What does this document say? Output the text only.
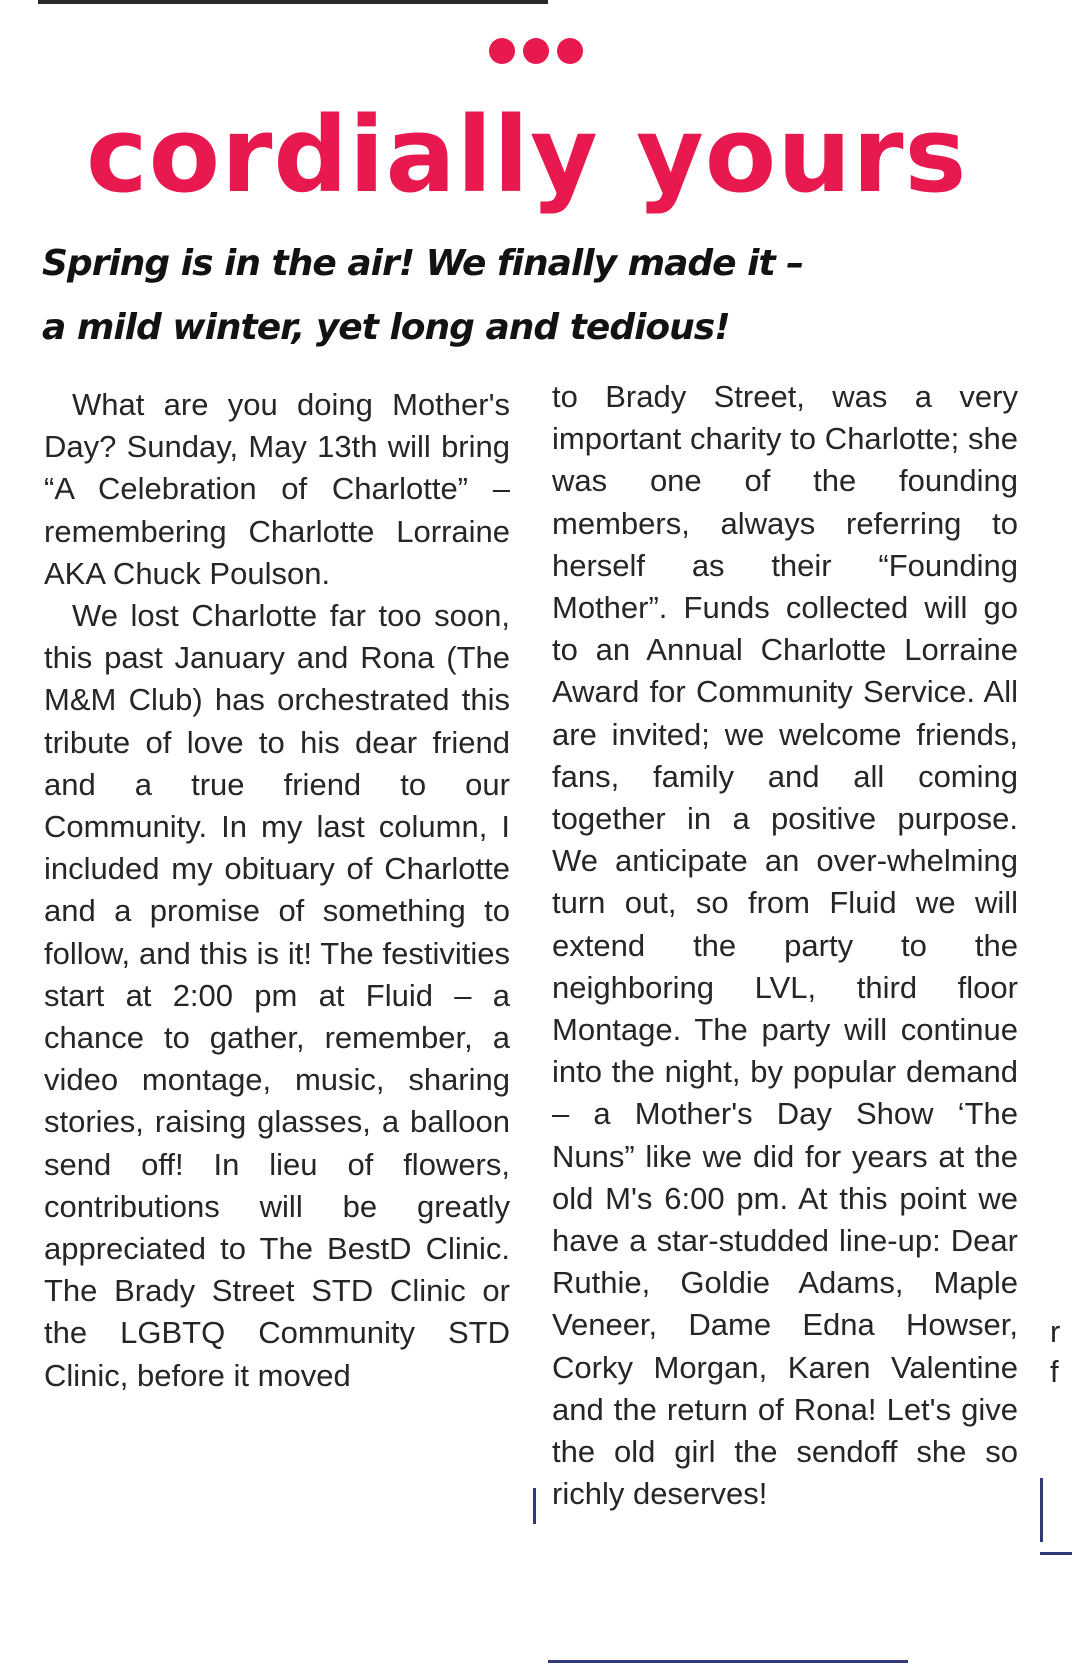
cordially yours
Spring is in the air! We finally made it –
a mild winter, yet long and tedious!

What are you doing Mother's Day? Sunday, May 13th will bring “A Celebration of Charlotte” – remembering Charlotte Lorraine AKA Chuck Poulson.

We lost Charlotte far too soon, this past January and Rona (The M&M Club) has orchestrated this tribute of love to his dear friend and a true friend to our Community. In my last column, I included my obituary of Charlotte and a promise of something to follow, and this is it! The festivities start at 2:00 pm at Fluid – a chance to gather, remember, a video montage, music, sharing stories, raising glasses, a balloon send off! In lieu of flowers, contributions will be greatly appreciated to The BestD Clinic. The Brady Street STD Clinic or the LGBTQ Community STD Clinic, before it moved

to Brady Street, was a very important charity to Charlotte; she was one of the founding members, always referring to herself as their “Founding Mother”. Funds collected will go to an Annual Charlotte Lorraine Award for Community Service. All are invited; we welcome friends, fans, family and all coming together in a positive purpose. We anticipate an over-whelming turn out, so from Fluid we will extend the party to the neighboring LVL, third floor Montage. The party will continue into the night, by popular demand – a Mother's Day Show ‘The Nuns” like we did for years at the old M's 6:00 pm. At this point we have a star-studded line-up: Dear Ruthie, Goldie Adams, Maple Veneer, Dame Edna Howser, Corky Morgan, Karen Valentine and the return of Rona! Let's give the old girl the sendoff she so richly deserves!

r
f
